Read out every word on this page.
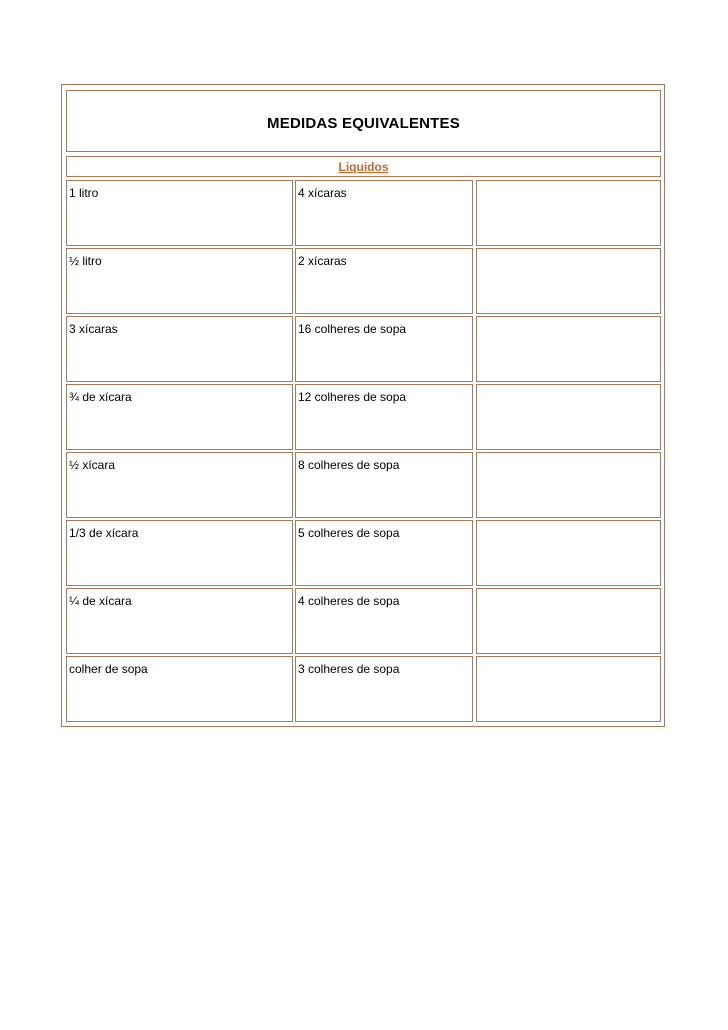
MEDIDAS EQUIVALENTES
Liquidos
1 litro	4 xícaras
½ litro	2 xícaras
3 xícaras	16 colheres de sopa
¾ de xícara	12 colheres de sopa
½ xícara	8 colheres de sopa
1/3 de xícara	5 colheres de sopa
¼ de xícara	4 colheres de sopa
colher de sopa	3 colheres de sopa
